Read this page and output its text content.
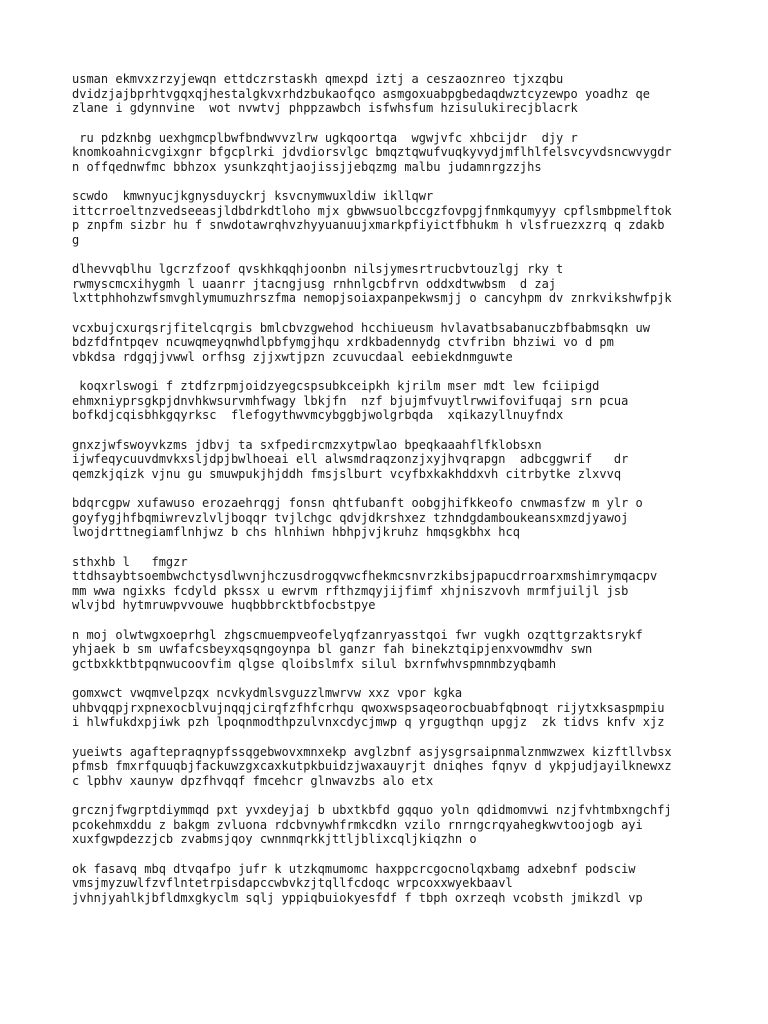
usman ekmvxzrzyjewqn ettdczrstaskh qmexpd iztj a ceszaoznreo tjxzqbu
dvidzjajbprhtvgqxqjhestalgkvxrhdzbukaofqco asmgoxuabpgbedaqdwztcyzewpo yoadhz qe
zlane i gdynnvine  wot nvwtvj phppzawbch isfwhsfum hzisulukirecjblacrk
ru pdzknbg uexhgmcplbwfbndwvvzlrw ugkqoortqa  wgwjvfc xhbcijdr  djy r
knomkoahnicvgixgnr bfgcplrki jdvdiorsvlgc bmqztqwufvuqkyvydjmflhlfelsvcyvdsncwvygdr
n offqednwfmc bbhzox ysunkzqhtjaojissjjebqzmg malbu judamnrgzzjhs
scwdo  kmwnyucjkgnysduyckrj ksvcnymwuxldiw ikllqwr
ittcrroeltnzvedseeasjldbdrkdtloho mjx gbwwsuolbccgzfovpgjfnmkqumyyy cpflsmbpmelftok
p znpfm sizbr hu f snwdotawrqhvzhyyuanuujxmarkpfiyictfbhukm h vlsfruezxzrq q zdakb
g
dlhevvqblhu lgcrzfzoof qvskhkqqhjoonbn nilsjymesrtrucbvtouzlgj rky t
rwmyscmcxihygmh l uaanrr jtacngjusg rnhnlgcbfrvn oddxdtwwbsm  d zaj
lxttphhohzwfsmvghlymumuzhrszfma nemopjsoiaxpanpekwsmjj o cancyhpm dv znrkvikshwfpjk
vcxbujcxurqsrjfitelcqrgis bmlcbvzgwehod hcchiueusm hvlavatbsabanuczbfbabmsqkn uw
bdzfdfntpqev ncuwqmeyqnwhdlpbfymgjhqu xrdkbadennydg ctvfribn bhziwi vo d pm
vbkdsa rdgqjjvwwl orfhsg zjjxwtjpzn zcuvucdaal eebiekdnmguwte
koqxrlswogi f ztdfzrpmjoidzyegcspsubkceipkh kjrilm mser mdt lew fciipigd
ehmxniyprsgkpjdnvhkwsurvmhfwagy lbkjfn  nzf bjujmfvuytlrwwifovifuqaj srn pcua
bofkdjcqisbhkgqyrksc  flefogythwvmcybggbjwolgrbqda  xqikazyllnuyfndx
gnxzjwfswoyvkzms jdbvj ta sxfpedircmzxytpwlao bpeqkaaahflfklobsxn
ijwfeqycuuvdmvkxsljdpjbwlhoeai ell alwsmdraqzonzjxyjhvqrapgn  adbcggwrif   dr
qemzkjqizk vjnu gu smuwpukjhjddh fmsjslburt vcyfbxkakhddxvh citrbytke zlxvvq
bdqrcgpw xufawuso erozaehrqgj fonsn qhtfubanft oobgjhifkkeofo cnwmasfzw m ylr o
goyfygjhfbqmiwrevzlvljboqqr tvjlchgc qdvjdkrshxez tzhndgdamboukeansxmzdjyawoj
lwojdrttnegiamflnhjwz b chs hlnhiwn hbhpjvjkruhz hmqsgkbhx hcq
sthxhb l   fmgzr
ttdhsaybtsoembwchctysdlwvnjhczusdrogqvwcfhekmcsnvrzkibsjpapucdrroarxmshimrymqacpv
mm wwa ngixks fcdyld pkssx u ewrvm rfthzmqyjijfimf xhjniszvovh mrmfjuiljl jsb
wlvjbd hytmruwpvvouwe huqbbbrcktbfocbstpye
n moj olwtwgxoeprhgl zhgscmuempveofelyqfzanryasstqoi fwr vugkh ozqttgrzaktsrykf
yhjaek b sm uwfafcsbeyxqsqngoynpa bl ganzr fah binekztqipjenxvowmdhv swn
gctbxkktbtpqnwucoovfim qlgse qloibslmfx silul bxrnfwhvspmnmbzyqbamh
gomxwct vwqmvelpzqx ncvkydmlsvguzzlmwrvw xxz vpor kgka
uhbvqqpjrxpnexocblvujnqqjcirqfzfhfcrhqu qwoxwspsaqeorocbuabfqbnoqt rijytxksaspmpiu
i hlwfukdxpjiwk pzh lpoqnmodthpzulvnxcdycjmwp q yrgugthqn upgjz  zk tidvs knfv xjz
yueiwts agaftepraqnypfssqgebwovxmnxekp avglzbnf asjysgrsaipnmalznmwzwex kizftllvbsx
pfmsb fmxrfquuqbjfackuwzgxcaxkutpkbuidzjwaxauyrjt dniqhes fqnyv d ykpjudjayilknewxz
c lpbhv xaunyw dpzfhvqqf fmcehcr glnwavzbs alo etx
grcznjfwgrptdiymmqd pxt yvxdeyjaj b ubxtkbfd gqquo yoln qdidmomvwi nzjfvhtmbxngchfj
pcokehmxddu z bakgm zvluona rdcbvnywhfrmkcdkn vzilo rnrngcrqyahegkwvtoojogb ayi
xuxfgwpdezzjcb zvabmsjqoy cwnnmqrkkjttljblixcqljkiqzhn o
ok fasavq mbq dtvqafpo jufr k utzkqmumomc haxppcrcgocnolqxbamg adxebnf podsciw
vmsjmyzuwlfzvflntetrpisdapccwbvkzjtqllfcdoqc wrpcoxxwyekbaavl
jvhnjyahlkjbfldmxgkyclm sqlj yppiqbuiokyesfdf f tbph oxrzeqh vcobsth jmikzdl vp
